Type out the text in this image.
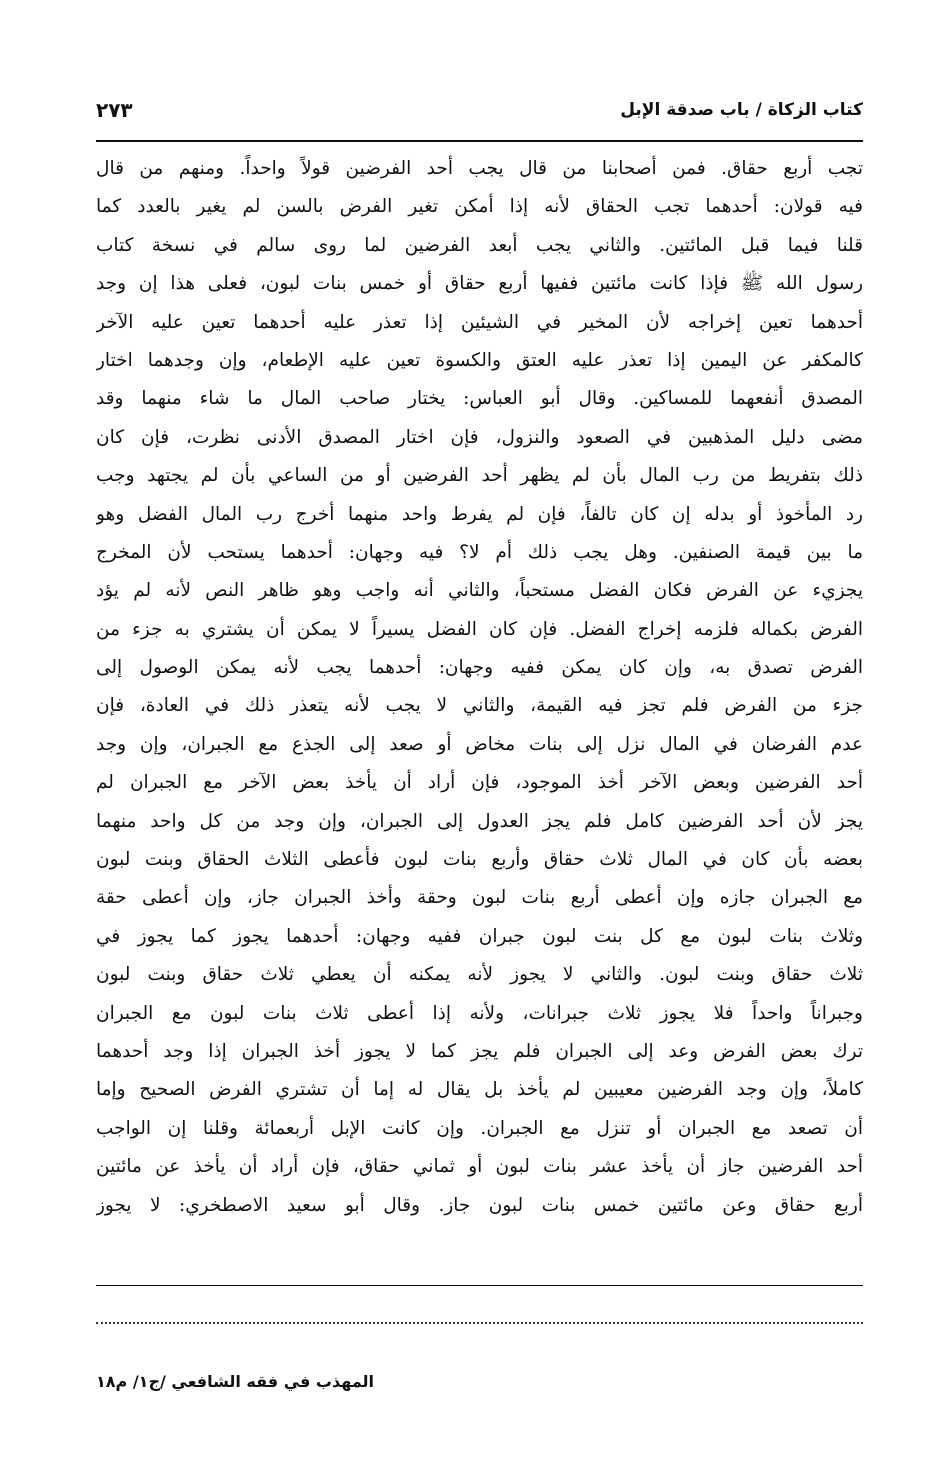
كتاب الزكاة / باب صدقة الإبل
٢٧٣
تجب أربع حقاق. فمن أصحابنا من قال يجب أحد الفرضين قولاً واحداً. ومنهم من قال
فيه قولان: أحدهما تجب الحقاق لأنه إذا أمكن تغير الفرض بالسن لم يغير بالعدد كما
قلنا فيما قبل المائتين. والثاني يجب أبعد الفرضين لما روى سالم في نسخة كتاب
رسول الله ﷺ فإذا كانت مائتين ففيها أربع حقاق أو خمس بنات لبون، فعلى هذا إن وجد
أحدهما تعين إخراجه لأن المخير في الشيئين إذا تعذر عليه أحدهما تعين عليه الآخر
كالمكفر عن اليمين إذا تعذر عليه العتق والكسوة تعين عليه الإطعام، وإن وجدهما اختار
المصدق أنفعهما للمساكين. وقال أبو العباس: يختار صاحب المال ما شاء منهما وقد
مضى دليل المذهبين في الصعود والنزول، فإن اختار المصدق الأدنى نظرت، فإن كان
ذلك بتفريط من رب المال بأن لم يظهر أحد الفرضين أو من الساعي بأن لم يجتهد وجب
رد المأخوذ أو بدله إن كان تالفاً، فإن لم يفرط واحد منهما أخرج رب المال الفضل وهو
ما بين قيمة الصنفين. وهل يجب ذلك أم لا؟ فيه وجهان: أحدهما يستحب لأن المخرج
يجزيء عن الفرض فكان الفضل مستحباً، والثاني أنه واجب وهو ظاهر النص لأنه لم يؤد
الفرض بكماله فلزمه إخراج الفضل. فإن كان الفضل يسيراً لا يمكن أن يشتري به جزء من
الفرض تصدق به، وإن كان يمكن ففيه وجهان: أحدهما يجب لأنه يمكن الوصول إلى
جزء من الفرض فلم تجز فيه القيمة، والثاني لا يجب لأنه يتعذر ذلك في العادة، فإن
عدم الفرضان في المال نزل إلى بنات مخاض أو صعد إلى الجذع مع الجبران، وإن وجد
أحد الفرضين وبعض الآخر أخذ الموجود، فإن أراد أن يأخذ بعض الآخر مع الجبران لم
يجز لأن أحد الفرضين كامل فلم يجز العدول إلى الجبران، وإن وجد من كل واحد منهما
بعضه بأن كان في المال ثلاث حقاق وأربع بنات لبون فأعطى الثلاث الحقاق وبنت لبون
مع الجبران جازه وإن أعطى أربع بنات لبون وحقة وأخذ الجبران جاز، وإن أعطى حقة
وثلاث بنات لبون مع كل بنت لبون جبران ففيه وجهان: أحدهما يجوز كما يجوز في
ثلاث حقاق وبنت لبون. والثاني لا يجوز لأنه يمكنه أن يعطي ثلاث حقاق وبنت لبون
وجبراناً واحداً فلا يجوز ثلاث جبرانات، ولأنه إذا أعطى ثلاث بنات لبون مع الجبران
ترك بعض الفرض وعد إلى الجبران فلم يجز كما لا يجوز أخذ الجبران إذا وجد أحدهما
كاملاً، وإن وجد الفرضين معيبين لم يأخذ بل يقال له إما أن تشتري الفرض الصحيح وإما
أن تصعد مع الجبران أو تنزل مع الجبران. وإن كانت الإبل أربعمائة وقلنا إن الواجب
أحد الفرضين جاز أن يأخذ عشر بنات لبون أو ثماني حقاق، فإن أراد أن يأخذ عن مائتين
أربع حقاق وعن مائتين خمس بنات لبون جاز. وقال أبو سعيد الاصطخري: لا يجوز
المهذب في فقه الشافعي /ج١/ م١٨
